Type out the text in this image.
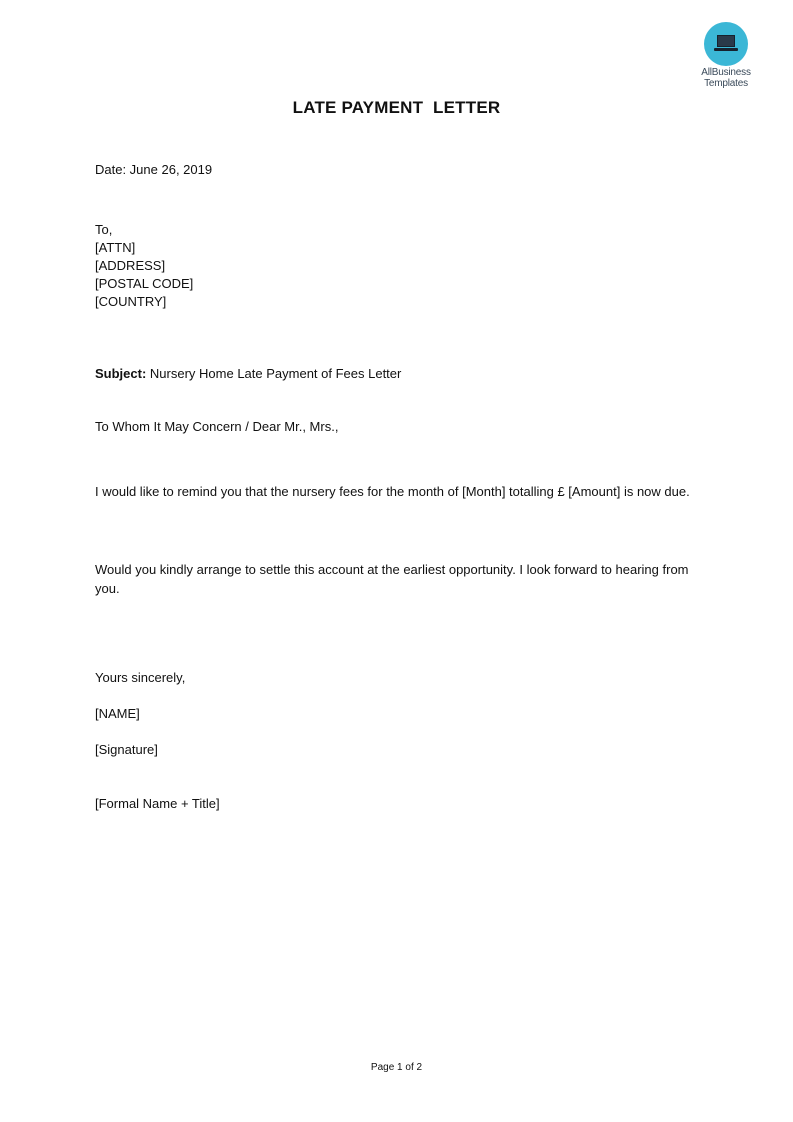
AllBusiness
Templates
LATE PAYMENT  LETTER
Date: June 26, 2019
To,
[ATTN]
[ADDRESS]
[POSTAL CODE]
[COUNTRY]
Subject: Nursery Home Late Payment of Fees Letter
To Whom It May Concern / Dear Mr., Mrs.,
I would like to remind you that the nursery fees for the month of [Month] totalling £ [Amount] is now due.
Would you kindly arrange to settle this account at the earliest opportunity. I look forward to hearing from you.
Yours sincerely,
[NAME]
[Signature]
[Formal Name + Title]
Page 1 of 2
